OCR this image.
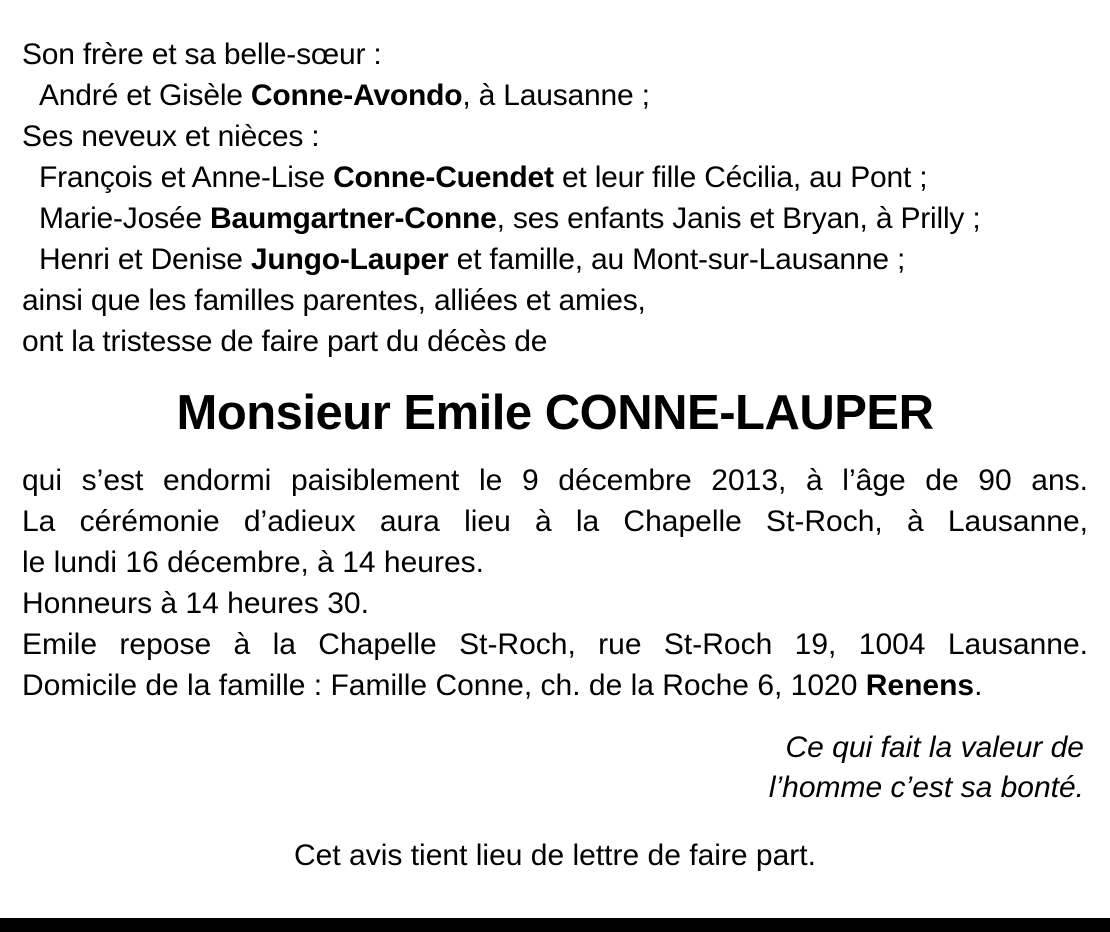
Son frère et sa belle-sœur :
André et Gisèle Conne-Avondo, à Lausanne ;
Ses neveux et nièces :
François et Anne-Lise Conne-Cuendet et leur fille Cécilia, au Pont ;
Marie-Josée Baumgartner-Conne, ses enfants Janis et Bryan, à Prilly ;
Henri et Denise Jungo-Lauper et famille, au Mont-sur-Lausanne ;
ainsi que les familles parentes, alliées et amies,
ont la tristesse de faire part du décès de
Monsieur Emile CONNE-LAUPER
qui s’est endormi paisiblement le 9 décembre 2013, à l’âge de 90 ans.
La cérémonie d’adieux aura lieu à la Chapelle St-Roch, à Lausanne,
le lundi 16 décembre, à 14 heures.
Honneurs à 14 heures 30.
Emile repose à la Chapelle St-Roch, rue St-Roch 19, 1004 Lausanne.
Domicile de la famille : Famille Conne, ch. de la Roche 6, 1020 Renens.
Ce qui fait la valeur de
l’homme c’est sa bonté.
Cet avis tient lieu de lettre de faire part.
